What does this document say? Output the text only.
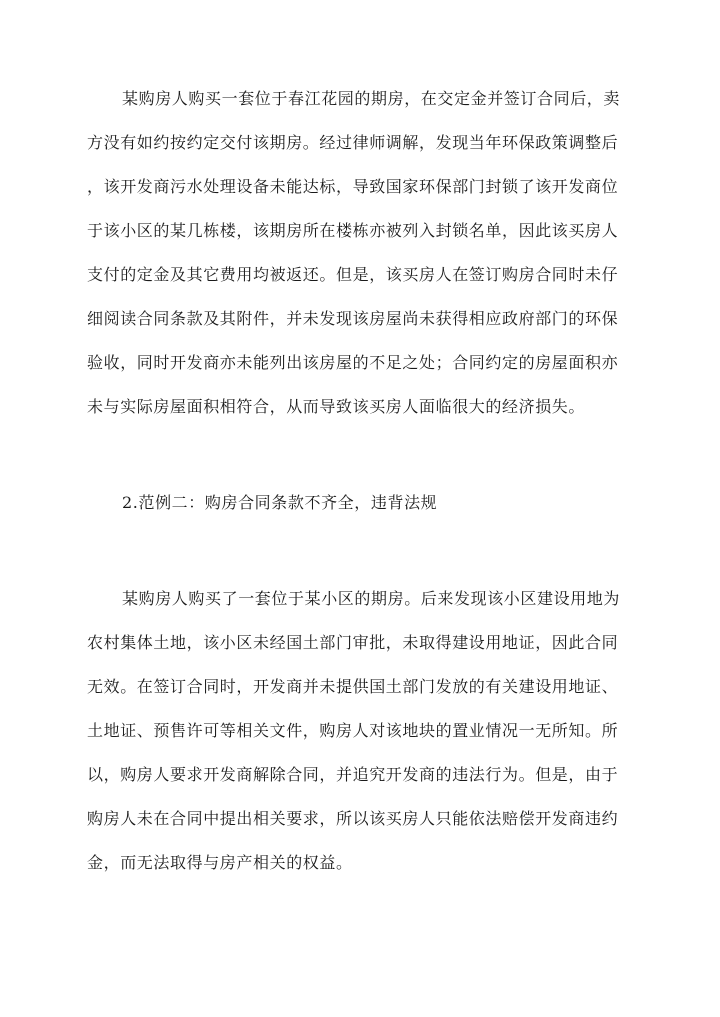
某购房人购买一套位于春江花园的期房，在交定金并签订合同后，卖
方没有如约按约定交付该期房。经过律师调解，发现当年环保政策调整后
，该开发商污水处理设备未能达标，导致国家环保部门封锁了该开发商位
于该小区的某几栋楼，该期房所在楼栋亦被列入封锁名单，因此该买房人
支付的定金及其它费用均被返还。但是，该买房人在签订购房合同时未仔
细阅读合同条款及其附件，并未发现该房屋尚未获得相应政府部门的环保
验收，同时开发商亦未能列出该房屋的不足之处；合同约定的房屋面积亦
未与实际房屋面积相符合，从而导致该买房人面临很大的经济损失。
2.范例二：购房合同条款不齐全，违背法规
某购房人购买了一套位于某小区的期房。后来发现该小区建设用地为
农村集体土地，该小区未经国土部门审批，未取得建设用地证，因此合同
无效。在签订合同时，开发商并未提供国土部门发放的有关建设用地证、
土地证、预售许可等相关文件，购房人对该地块的置业情况一无所知。所
以，购房人要求开发商解除合同，并追究开发商的违法行为。但是，由于
购房人未在合同中提出相关要求，所以该买房人只能依法赔偿开发商违约
金，而无法取得与房产相关的权益。
